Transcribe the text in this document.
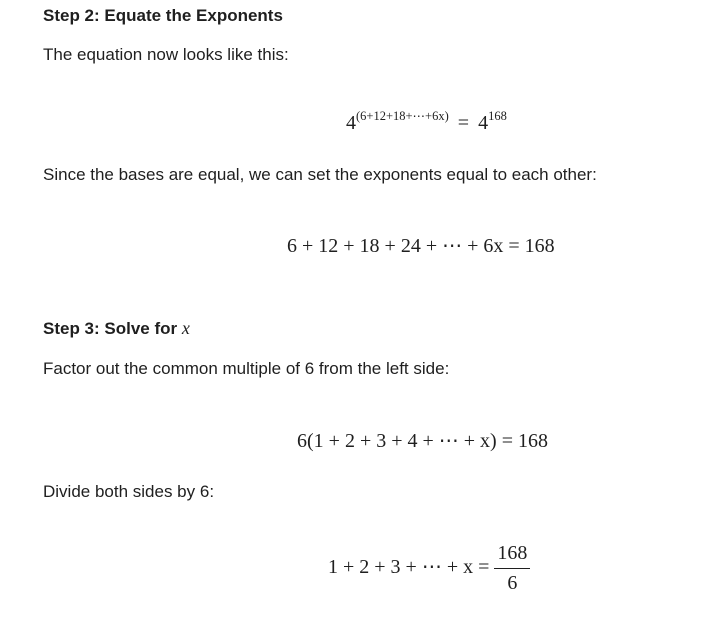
Step 2: Equate the Exponents
The equation now looks like this:
$4^{(6+12+18+\cdots+6x)} = 4^{168}$
Since the bases are equal, we can set the exponents equal to each other:
6 + 12 + 18 + 24 + ⋯ + 6x = 168
Step 3: Solve for x
Factor out the common multiple of 6 from the left side:
6(1 + 2 + 3 + 4 + ⋯ + x) = 168
Divide both sides by 6:
1 + 2 + 3 + ⋯ + $x = \frac{168}{6}$
